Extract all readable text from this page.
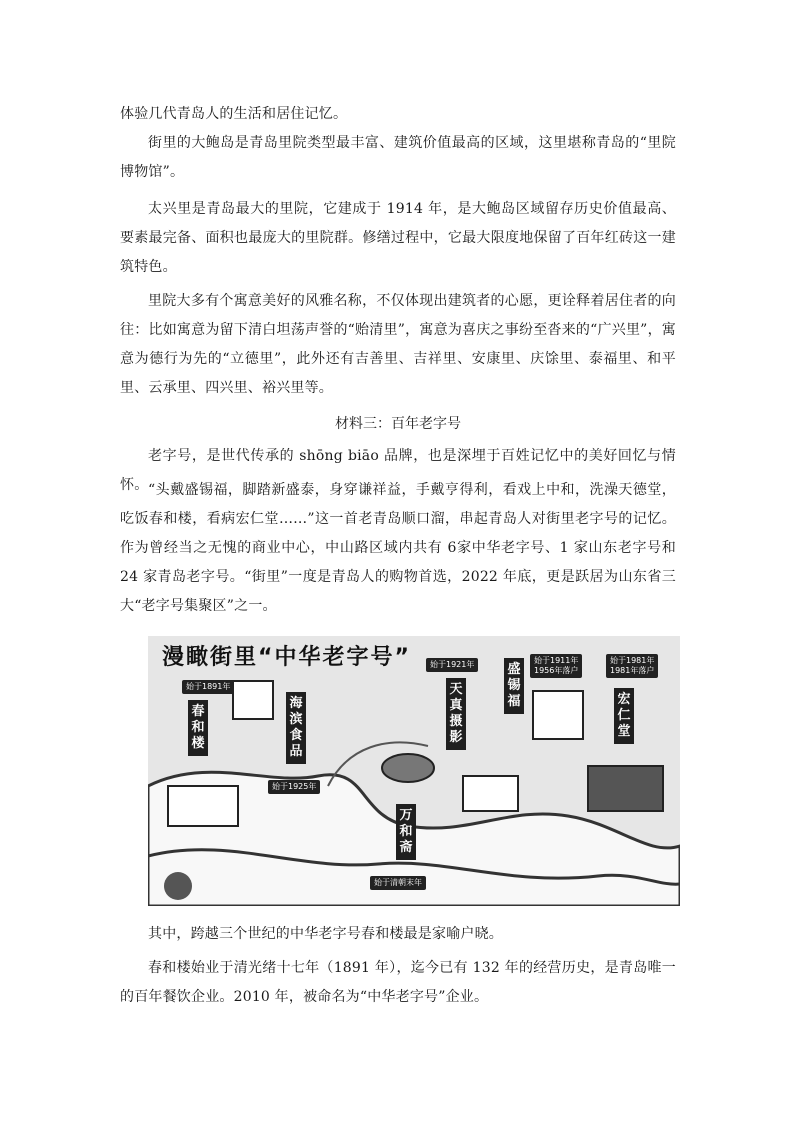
体验几代青岛人的生活和居住记忆。

街里的大鲍岛是青岛里院类型最丰富、建筑价值最高的区域，这里堪称青岛的“里院博物馆”。

太兴里是青岛最大的里院，它建成于 1914 年，是大鲍岛区域留存历史价值最高、要素最完备、面积也最庞大的里院群。修缮过程中，它最大限度地保留了百年红砖这一建筑特色。

里院大多有个寓意美好的风雅名称，不仅体现出建筑者的心愿，更诠释着居住者的向往：比如寓意为留下清白坦荡声誉的“贻清里”，寓意为喜庆之事纷至沓来的“广兴里”，寓意为德行为先的“立德里”，此外还有吉善里、吉祥里、安康里、庆馀里、泰福里、和平里、云承里、四兴里、裕兴里等。

材料三：百年老字号

老字号，是世代传承的 shōng biāo 品牌，也是深埋于百姓记忆中的美好回忆与情怀。 “头戴盛锡福，脚踏新盛泰，身穿谦祥益，手戴亨得利，看戏上中和，洗澡天德堂，吃饭春和楼，看病宏仁堂……”这一首老青岛顺口溜，串起青岛人对街里老字号的记忆。作为曾经当之无愧的商业中心，中山路区域内共有 6家中华老字号、1 家山东老字号和 24 家青岛老字号。“街里”一度是青岛人的购物首选，2022 年底，更是跃居为山东省三大“老字号集聚区”之一。

漫瞰街里“中华老字号”
始于1891年
春和楼
海滨食品
始于1925年
始于1921年
天真摄影
盛锡福
始于1911年
1956年落户
始于1981年
1981年落户
宏仁堂
万和斋
始于清朝末年

其中，跨越三个世纪的中华老字号春和楼最是家喻户晓。

春和楼始业于清光绪十七年（1891 年），迄今已有 132 年的经营历史，是青岛唯一的百年餐饮企业。2010 年，被命名为“中华老字号”企业。
